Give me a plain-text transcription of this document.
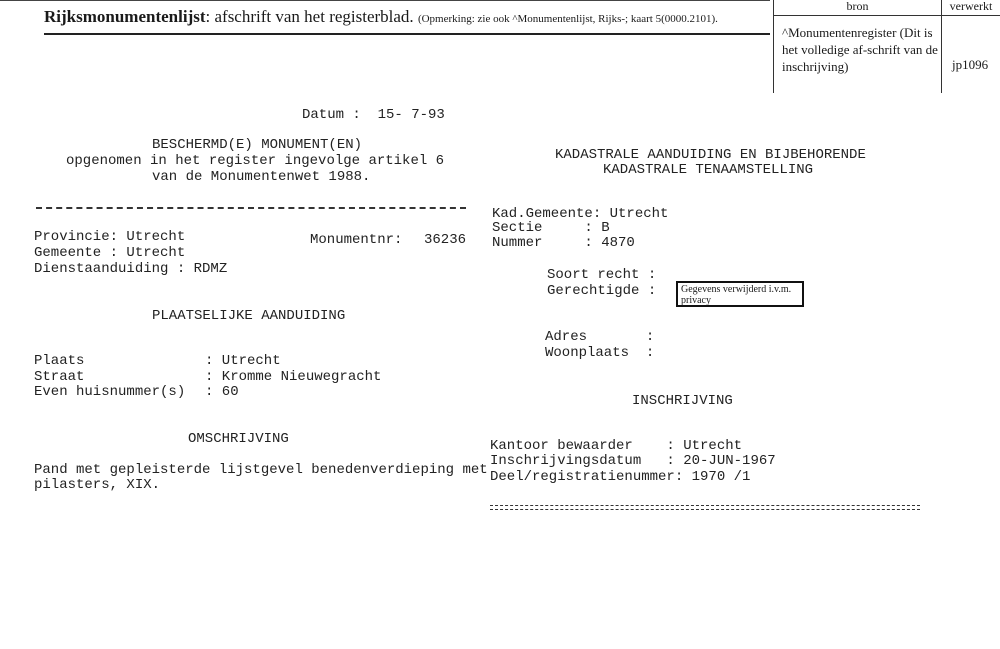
Rijksmonumentenlijst: afschrift van het registerblad. (Opmerking: zie ook ^Monumentenlijst, Rijks-; kaart 5(0000.2101).
bron	verwerkt
^Monumentenregister (Dit is het volledige af-schrift van de inschrijving)	jp1096
Datum :  15- 7-93
BESCHERMD(E) MONUMENT(EN)
opgenomen in het register ingevolge artikel 6
van de Monumentenwet 1988.
Provincie: Utrecht
Gemeente : Utrecht
Dienstaanduiding : RDMZ
Monumentnr: 36236
PLAATSELIJKE AANDUIDING
Plaats	: Utrecht
Straat	: Kromme Nieuwegracht
Even huisnummer(s) : 60
OMSCHRIJVING
Pand met gepleisterde lijstgevel benedenverdieping met
pilasters, XIX.
KADASTRALE AANDUIDING EN BIJBEHORENDE
KADASTRALE TENAAMSTELLING
Kad.Gemeente: Utrecht
Sectie     : B
Nummer     : 4870
Soort recht :
Gerechtigde :	Gegevens verwijderd i.v.m. privacy
Adres       :
Woonplaats  :
INSCHRIJVING
Kantoor bewaarder    : Utrecht
Inschrijvingsdatum   : 20-JUN-1967
Deel/registratienummer: 1970 /1
